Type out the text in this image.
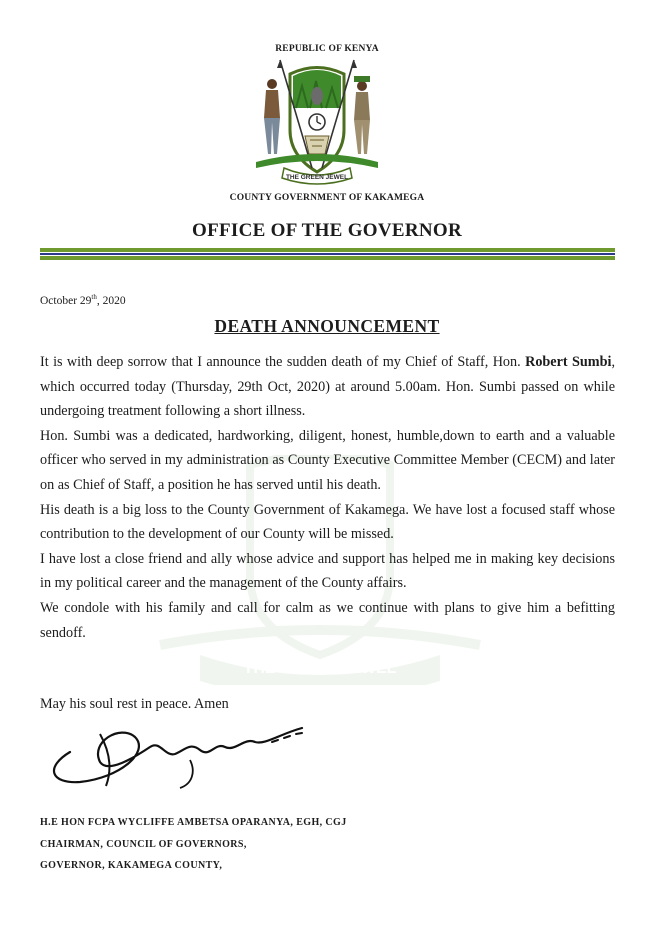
REPUBLIC OF KENYA
THE GREEN JEWEL
COUNTY GOVERNMENT OF KAKAMEGA
OFFICE OF THE GOVERNOR
THE GREEN JEWEL
October 29th, 2020
DEATH ANNOUNCEMENT

It is with deep sorrow that I announce the sudden death of my Chief of Staff, Hon. Robert Sumbi, which occurred today (Thursday, 29th Oct, 2020) at around 5.00am. Hon. Sumbi passed on while undergoing treatment following a short illness.

Hon. Sumbi was a dedicated, hardworking, diligent, honest, humble,down to earth and a valuable officer who served in my administration as County Executive Committee Member (CECM) and later on as Chief of Staff, a position he has served until his death.

His death is a big loss to the County Government of Kakamega. We have lost a focused staff whose contribution to the development of our County will be missed.

I have lost a close friend and ally whose advice and support has helped me in making key decisions in my political career and the management of the County affairs.

We condole with his family and call for calm as we continue with plans to give him a befitting sendoff.

May his soul rest in peace. Amen
H.E HON FCPA WYCLIFFE AMBETSA OPARANYA, EGH, CGJ
CHAIRMAN, COUNCIL OF GOVERNORS,
GOVERNOR, KAKAMEGA COUNTY,
